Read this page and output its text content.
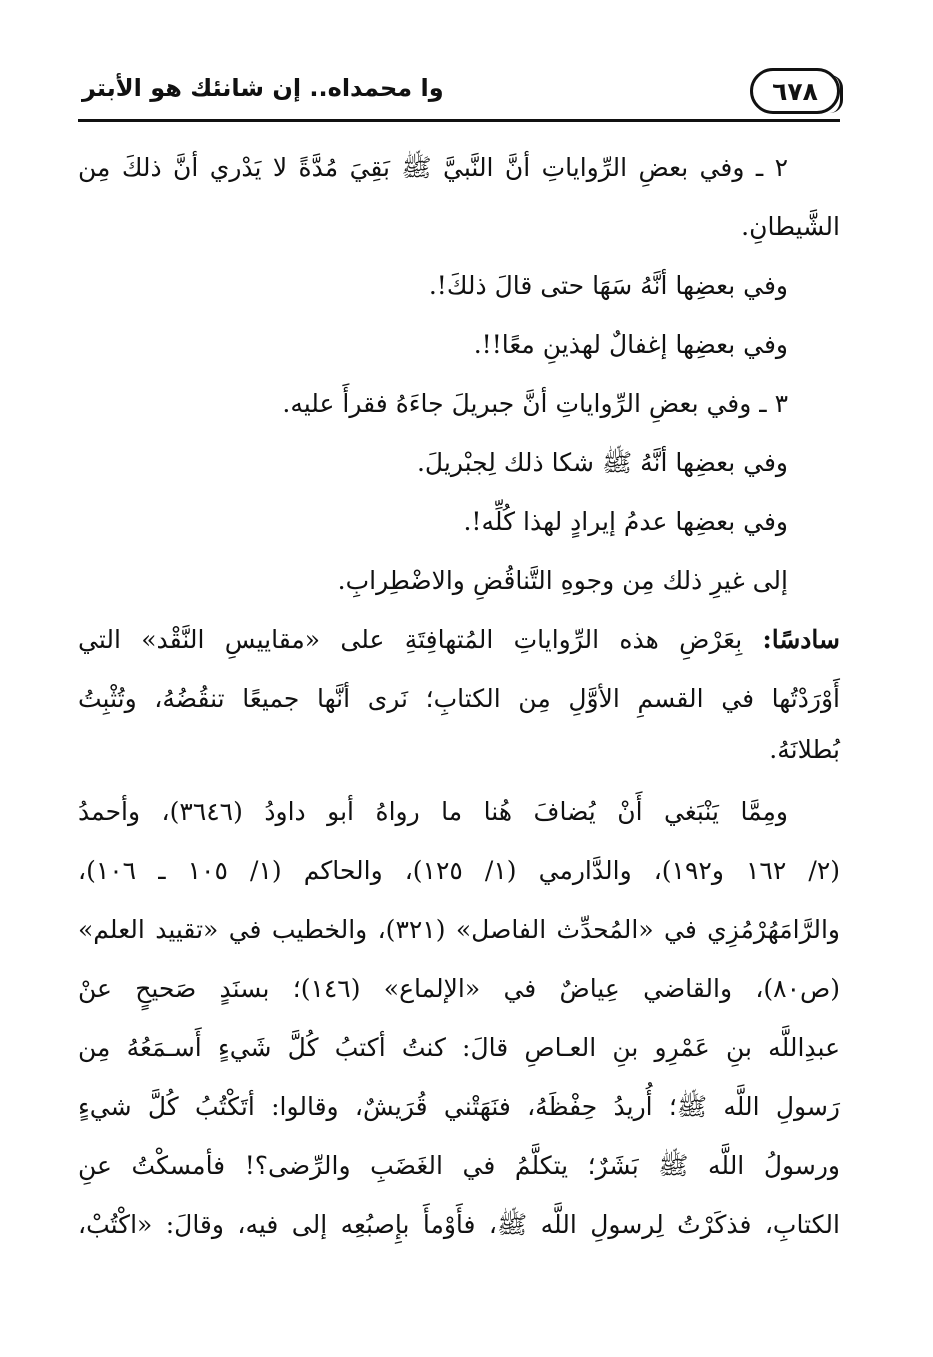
٦٧٨
وا محمداه.. إن شانئك هو الأبتر
٢ ـ وفي بعضِ الرِّواياتِ أنَّ النَّبيَّ ﷺ بَقِيَ مُدَّةً لا يَدْري أنَّ ذلكَ مِن
الشَّيطانِ.
وفي بعضِها أنَّهُ سَهَا حتى قالَ ذلكَ!.
وفي بعضِها إغفالٌ لهذينِ معًا!!.
٣ ـ وفي بعضِ الرِّواياتِ أنَّ جبريلَ جاءَهُ فقرأَ عليه.
وفي بعضِها أنَّهُ ﷺ شكا ذلك لِجبْريلَ.
وفي بعضِها عدمُ إيرادٍ لهذا كُلِّه!.
إلى غيرِ ذلك مِن وجوهِ التَّناقُضِ والاضْطِرابِ.
سادسًا: بِعَرْضِ هذه الرِّواياتِ المُتهافِتَةِ على «مقاييسِ النَّقْد» التي
أَوْرَدْتُها في القسمِ الأوَّلِ مِن الكتابِ؛ نَرى أنَّها جميعًا تنقُضُهُ، وتُثْبِتُ
بُطلانَهُ.
ومِمَّا يَنْبَغي أَنْ يُضافَ هُنا ما رواهُ أبو داودُ (٣٦٤٦)، وأحمدُ
(٢/ ١٦٢ و١٩٢)، والدَّارمي (١/ ١٢٥)، والحاكم (١/ ١٠٥ ـ ١٠٦)،
والرَّامَهُرْمُزِي في «المُحدِّث الفاصل» (٣٢١)، والخطيب في «تقييد العلم»
(ص٨٠)، والقاضي عِياضٌ في «الإلماع» (١٤٦)؛ بسنَدٍ صَحيحٍ عنْ
عبدِاللَّه بنِ عَمْرِو بنِ العـاصِ قالَ: كنتُ أكتبُ كُلَّ شَيءٍ أَسـمَعُهُ مِن
رَسولِ اللَّه ﷺ؛ أُريدُ حِفْظَهُ، فنَهَتْني قُرَيشٌ، وقالوا: أتَكْتُبُ كُلَّ شيءٍ
ورسولُ اللَّه ﷺ بَشَرٌ؛ يتكلَّمُ في الغَضَبِ والرِّضى؟! فأمسكْتُ عنِ
الكتابِ، فذكَرْتُ لِرسولِ اللَّه ﷺ، فأَوْمأَ بإِصبُعِه إلى فيه، وقالَ: «اكْتُبْ،
